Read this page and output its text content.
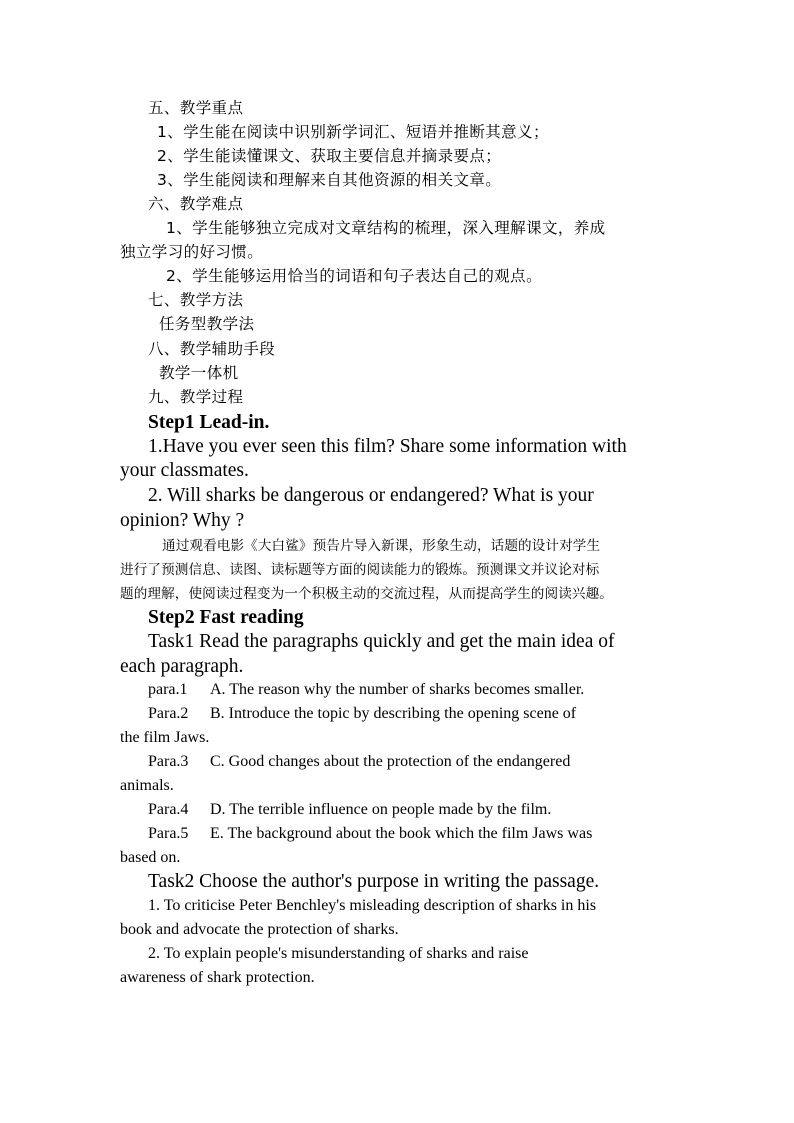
五、教学重点
1、学生能在阅读中识别新学词汇、短语并推断其意义；
2、学生能读懂课文、获取主要信息并摘录要点；
3、学生能阅读和理解来自其他资源的相关文章。
六、教学难点
1、学生能够独立完成对文章结构的梳理，深入理解课文，养成
独立学习的好习惯。
2、学生能够运用恰当的词语和句子表达自己的观点。
七、教学方法
任务型教学法
八、教学辅助手段
教学一体机
九、教学过程
Step1 Lead-in.
1.Have you ever seen this film? Share some information with
your classmates.
2. Will sharks be dangerous or endangered? What is your
opinion? Why ?
通过观看电影《大白鲨》预告片导入新课，形象生动，话题的设计对学生
进行了预测信息、读图、读标题等方面的阅读能力的锻炼。预测课文并议论对标
题的理解，使阅读过程变为一个积极主动的交流过程，从而提高学生的阅读兴趣。
Step2 Fast reading
Task1 Read the paragraphs quickly and get the main idea of
each paragraph.
para.1 A. The reason why the number of sharks becomes smaller.
Para.2 B. Introduce the topic by describing the opening scene of
the film Jaws.
Para.3 C. Good changes about the protection of the endangered
animals.
Para.4 D. The terrible influence on people made by the film.
Para.5 E. The background about the book which the film Jaws was
based on.
Task2 Choose the author's purpose in writing the passage.
1. To criticise Peter Benchley's misleading description of sharks in his
book and advocate the protection of sharks.
2. To explain people's misunderstanding of sharks and raise
awareness of shark protection.
